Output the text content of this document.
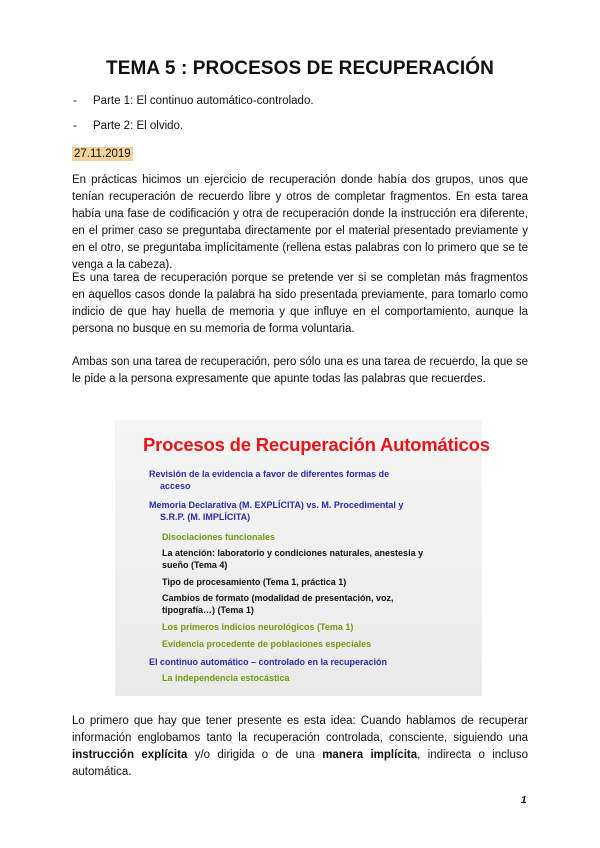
TEMA 5 : PROCESOS DE RECUPERACIÓN
-	Parte 1: El continuo automático-controlado.
-	Parte 2: El olvido.
27.11.2019

En prácticas hicimos un ejercicio de recuperación donde había dos grupos, unos que tenían recuperación de recuerdo libre y otros de completar fragmentos. En esta tarea había una fase de codificación y otra de recuperación donde la instrucción era diferente, en el primer caso se preguntaba directamente por el material presentado previamente y en el otro, se preguntaba implícitamente (rellena estas palabras con lo primero que se te venga a la cabeza).

Es una tarea de recuperación porque se pretende ver si se completan más fragmentos en aquellos casos donde la palabra ha sido presentada previamente, para tomarlo como indicio de que hay huella de memoria y que influye en el comportamiento, aunque la persona no busque en su memoria de forma voluntaria.

Ambas son una tarea de recuperación, pero sólo una es una tarea de recuerdo, la que se le pide a la persona expresamente que apunte todas las palabras que recuerdes.

Procesos de Recuperación Automáticos
Revisión de la evidencia a favor de diferentes formas de
acceso
Memoria Declarativa (M. EXPLÍCITA) vs. M. Procedimental y
S.R.P. (M. IMPLÍCITA)
Disociaciones funcionales
La atención: laboratorio y condiciones naturales, anestesia y
sueño (Tema 4)
Tipo de procesamiento (Tema 1, práctica 1)
Cambios de formato (modalidad de presentación, voz,
tipografía…) (Tema 1)
Los primeros indicios neurológicos (Tema 1)
Evidencia procedente de poblaciones especiales
El continuo automático – controlado en la recuperación
La independencia estocástica

Lo primero que hay que tener presente es esta idea: Cuando hablamos de recuperar información englobamos tanto la recuperación controlada, consciente, siguiendo una instrucción explícita y/o dirigida o de una manera implícita, indirecta o incluso automática.

1
